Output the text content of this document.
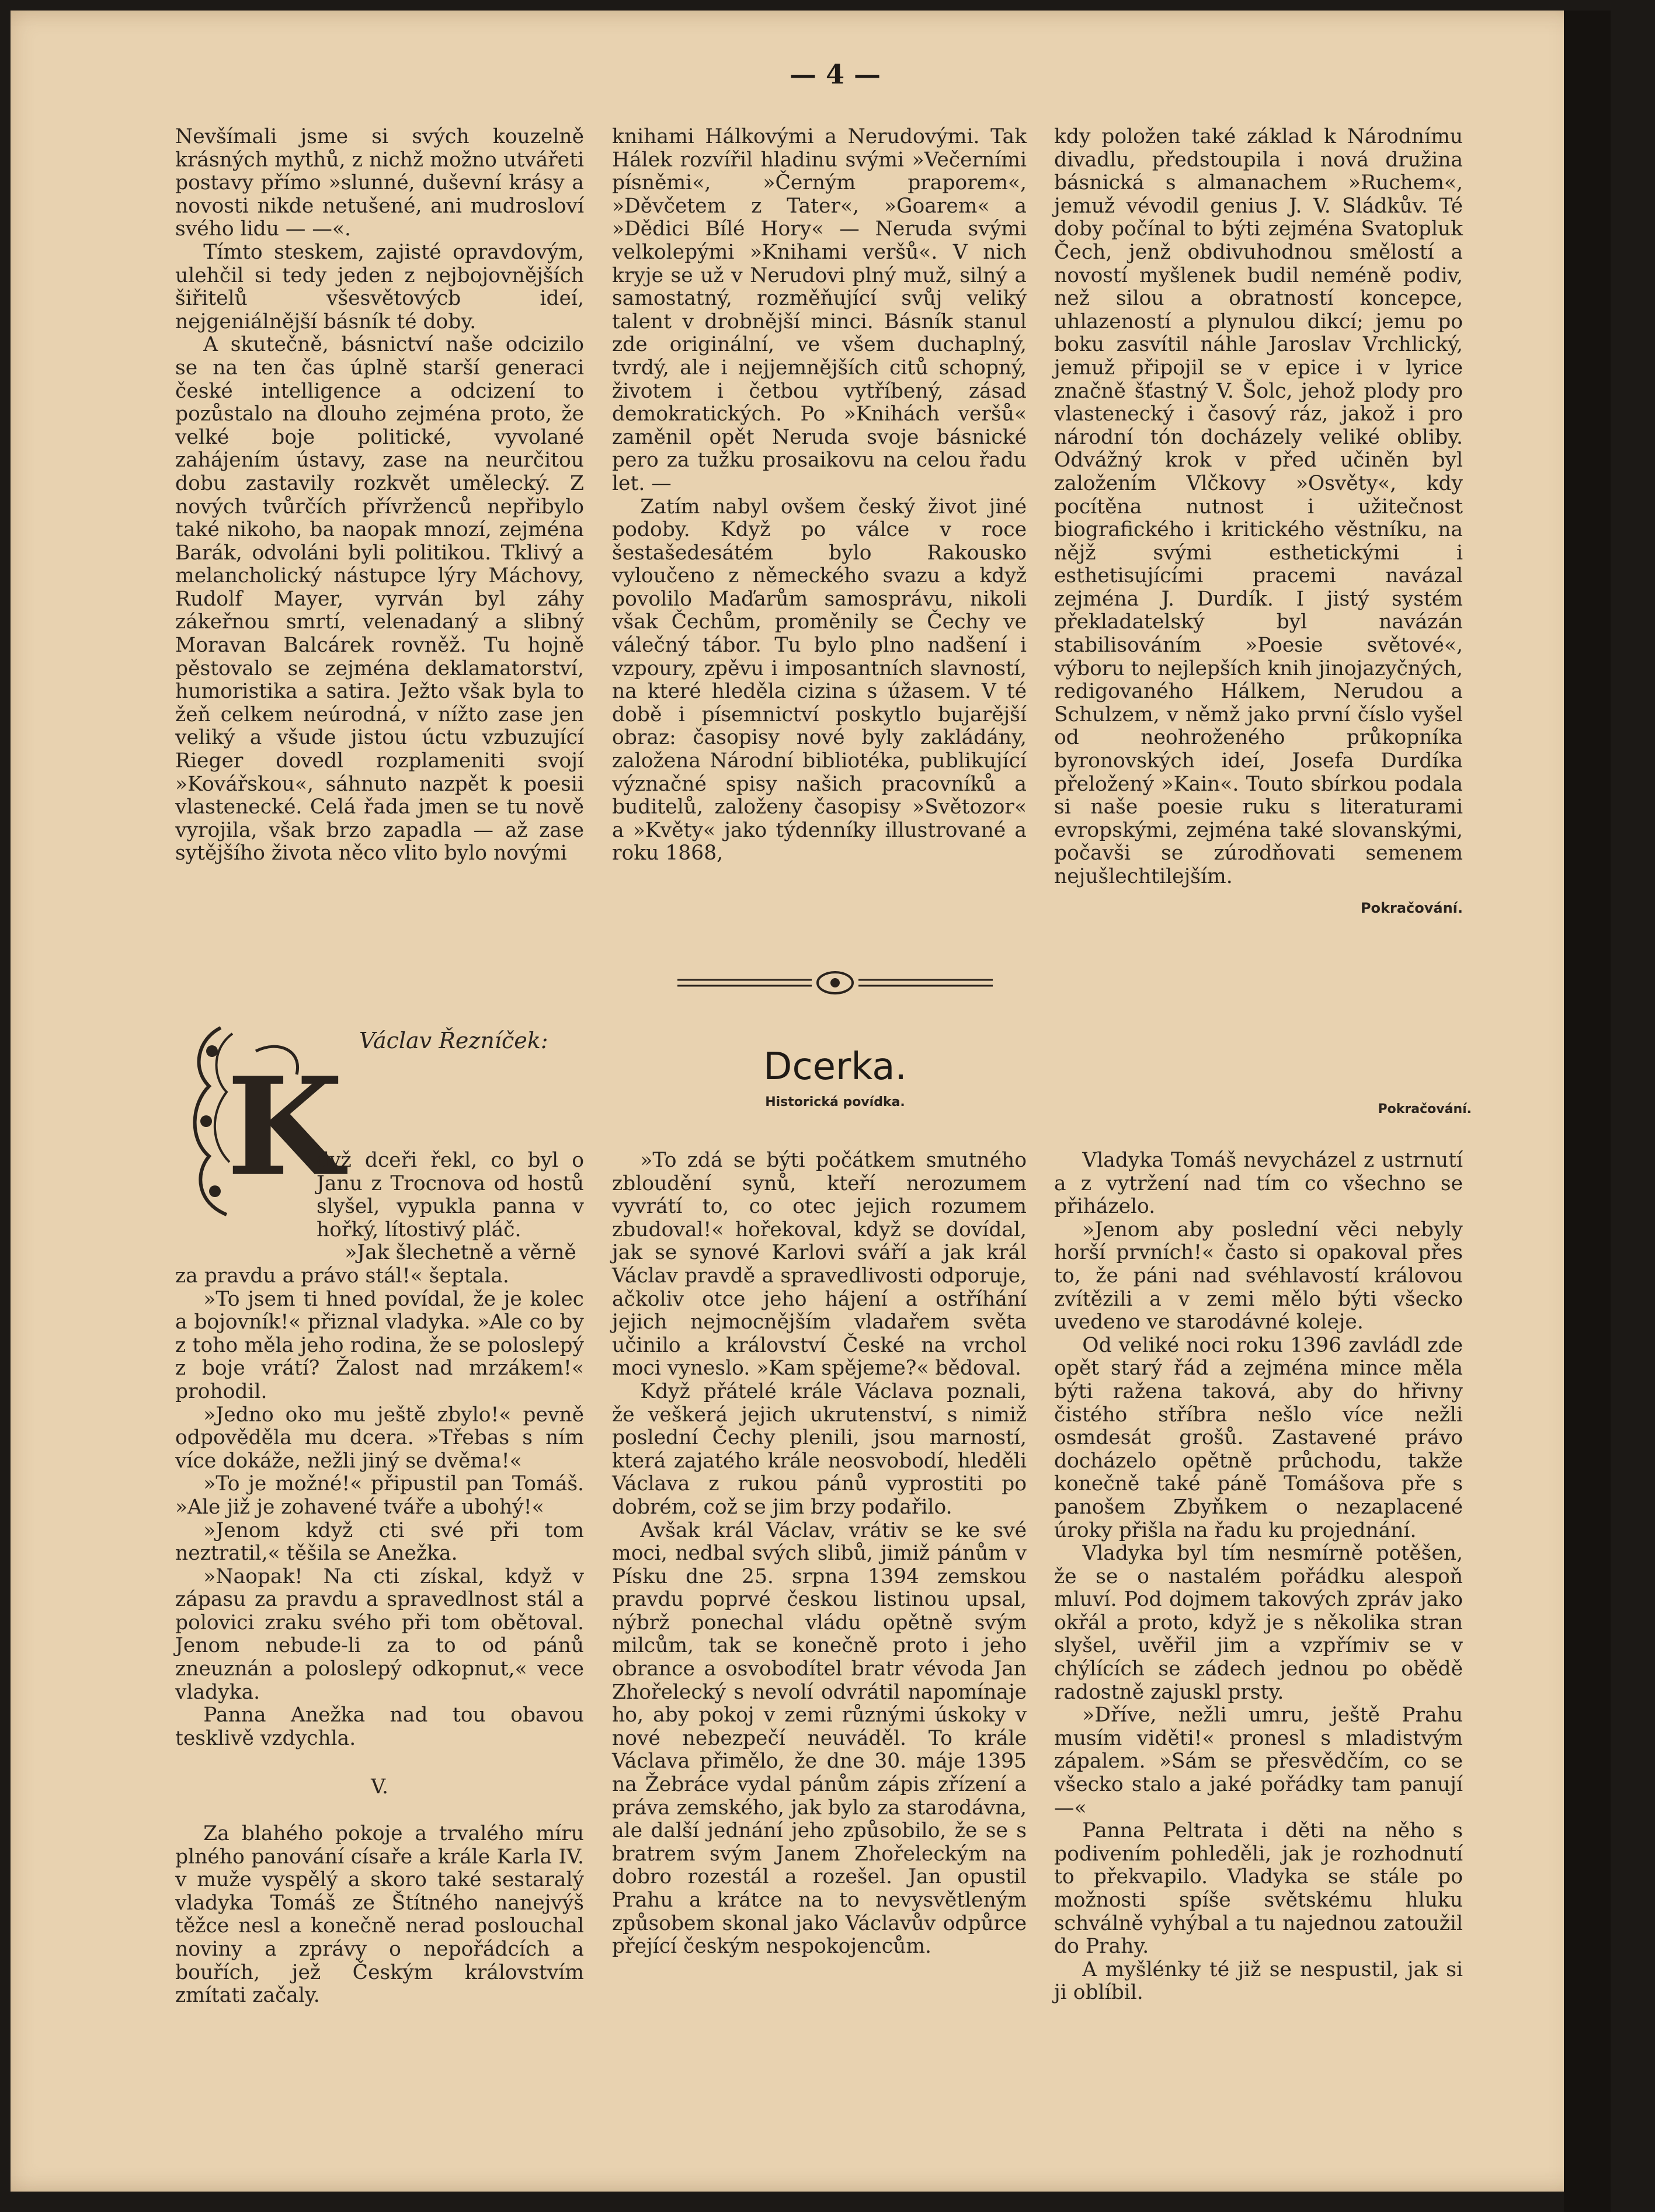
— 4 —

Nevšímali jsme si svých kouzelně krásných mythů, z nichž možno utvářeti postavy přímo »slunné, duševní krásy a novosti nikde netušené, ani mudrosloví svého lidu — —«.

Tímto steskem, zajisté opravdovým, ulehčil si tedy jeden z nejbojovnějších šiřitelů všesvětovýcb ideí, nejgeniálnější básník té doby.

A skutečně, básnictví naše odcizilo se na ten čas úplně starší generaci české intelligence a odcizení to pozůstalo na dlouho zejména proto, že velké boje politické, vyvolané zahájením ústavy, zase na neurčitou dobu zastavily rozkvět umělecký. Z nových tvůrčích přívrženců nepřibylo také nikoho, ba naopak mnozí, zejména Barák, odvoláni byli politikou. Tklivý a melancholický nástupce lýry Máchovy, Rudolf Mayer, vyrván byl záhy zákeřnou smrtí, velenadaný a slibný Moravan Balcárek rovněž. Tu hojně pěstovalo se zejména deklamatorství, humoristika a satira. Ježto však byla to žeň celkem neúrodná, v nížto zase jen veliký a všude jistou úctu vzbuzující Rieger dovedl rozplameniti svojí »Kovářskou«, sáhnuto nazpět k poesii vlastenecké. Celá řada jmen se tu nově vyrojila, však brzo zapadla — až zase sytějšího života něco vlito bylo novými

knihami Hálkovými a Nerudovými. Tak Hálek rozvířil hladinu svými »Večerními písněmi«, »Černým praporem«, »Děvčetem z Tater«, »Goarem« a »Dědici Bílé Hory« — Neruda svými velkolepými »Knihami veršů«. V nich kryje se už v Nerudovi plný muž, silný a samostatný, rozměňující svůj veliký talent v drobnější minci. Básník stanul zde originální, ve všem duchaplný, tvrdý, ale i nejjemnějších citů schopný, životem i četbou vytříbený, zásad demokratických. Po »Knihách veršů« zaměnil opět Neruda svoje básnické pero za tužku prosaikovu na celou řadu let. —

Zatím nabyl ovšem český život jiné podoby. Když po válce v roce šestašedesátém bylo Rakousko vyloučeno z německého svazu a když povolilo Maďarům samosprávu, nikoli však Čechům, proměnily se Čechy ve válečný tábor. Tu bylo plno nadšení i vzpoury, zpěvu i imposantních slavností, na které hleděla cizina s úžasem. V té době i písemnictví poskytlo bujarější obraz: časopisy nové byly zakládány, založena Národní bibliotéka, publikující význačné spisy našich pracovníků a buditelů, založeny časopisy »Světozor« a »Květy« jako týdenníky illustrované a roku 1868,

kdy položen také základ k Národnímu divadlu, předstoupila i nová družina básnická s almanachem »Ruchem«, jemuž vévodil genius J. V. Sládkův. Té doby počínal to býti zejména Svatopluk Čech, jenž obdivuhodnou smělostí a novostí myšlenek budil neméně podiv, než silou a obratností koncepce, uhlazeností a plynulou dikcí; jemu po boku zasvítil náhle Jaroslav Vrchlický, jemuž připojil se v epice i v lyrice značně šťastný V. Šolc, jehož plody pro vlastenecký i časový ráz, jakož i pro národní tón docházely veliké obliby. Odvážný krok v před učiněn byl založením Vlčkovy »Osvěty«, kdy pocítěna nutnost i užitečnost biografického i kritického věstníku, na nějž svými esthetickými i esthetisujícími pracemi navázal zejména J. Durdík. I jistý systém překladatelský byl navázán stabilisováním »Poesie světové«, výboru to nejlepších knih jinojazyčných, redigovaného Hálkem, Nerudou a Schulzem, v němž jako první číslo vyšel od neohroženého průkopníka byronovských ideí, Josefa Durdíka přeložený »Kain«. Touto sbírkou podala si naše poesie ruku s literaturami evropskými, zejména také slovanskými, počavši se zúrodňovati semenem nejušlechtilejším.

Pokračování.

Václav Řezníček:
K	Dcerka.
Historická povídka.	Pokračování.

dyž dceři řekl, co byl o Janu z Trocnova od hostů slyšel, vypukla panna v hořký, lítostivý pláč.

»Jak šlechetně a věrně

za pravdu a právo stál!« šeptala.

»To jsem ti hned povídal, že je kolec a bojovník!« přiznal vladyka. »Ale co by z toho měla jeho rodina, že se poloslepý z boje vrátí? Žalost nad mrzákem!« prohodil.

»Jedno oko mu ještě zbylo!« pevně odpověděla mu dcera. »Třebas s ním více dokáže, nežli jiný se dvěma!«

»To je možné!« připustil pan Tomáš. »Ale již je zohavené tváře a ubohý!«

»Jenom když cti své při tom neztratil,« těšila se Anežka.

»Naopak! Na cti získal, když v zápasu za pravdu a spravedlnost stál a polovici zraku svého při tom obětoval. Jenom nebude-li za to od pánů zneuznán a poloslepý odkopnut,« vece vladyka.

Panna Anežka nad tou obavou tesklivě vzdychla.

V.

Za blahého pokoje a trvalého míru plného panování císaře a krále Karla IV. v muže vyspělý a skoro také sestaralý vladyka Tomáš ze Štítného nanejvýš těžce nesl a konečně nerad poslouchal noviny a zprávy o nepořádcích a bouřích, jež Českým královstvím zmítati začaly.

»To zdá se býti počátkem smutného zbloudění synů, kteří nerozumem vyvrátí to, co otec jejich rozumem zbudoval!« hořekoval, když se dovídal, jak se synové Karlovi sváří a jak král Václav pravdě a spravedlivosti odporuje, ačkoliv otce jeho hájení a ostříhání jejich nejmocnějším vladařem světa učinilo a království České na vrchol moci vyneslo. »Kam spějeme?« bědoval.

Když přátelé krále Václava poznali, že veškerá jejich ukrutenství, s nimiž poslední Čechy plenili, jsou marností, která zajatého krále neosvobodí, hleděli Václava z rukou pánů vyprostiti po dobrém, což se jim brzy podařilo.

Avšak král Václav, vrátiv se ke své moci, nedbal svých slibů, jimiž pánům v Písku dne 25. srpna 1394 zemskou pravdu poprvé českou listinou upsal, nýbrž ponechal vládu opětně svým milcům, tak se konečně proto i jeho obrance a osvobodítel bratr vévoda Jan Zhořelecký s nevolí odvrátil napomínaje ho, aby pokoj v zemi různými úskoky v nové nebezpečí neuváděl. To krále Václava přimělo, že dne 30. máje 1395 na Žebráce vydal pánům zápis zřízení a práva zemského, jak bylo za starodávna, ale další jednání jeho způsobilo, že se s bratrem svým Janem Zhořeleckým na dobro rozestál a rozešel. Jan opustil Prahu a krátce na to nevysvětleným způsobem skonal jako Václavův odpůrce přející českým nespokojencům.

Vladyka Tomáš nevycházel z ustrnutí a z vytržení nad tím co všechno se přiházelo.

»Jenom aby poslední věci nebyly horší prvních!« často si opakoval přes to, že páni nad svéhlavostí královou zvítězili a v zemi mělo býti všecko uvedeno ve starodávné koleje.

Od veliké noci roku 1396 zavládl zde opět starý řád a zejména mince měla býti ražena taková, aby do hřivny čistého stříbra nešlo více nežli osmdesát grošů. Zastavené právo docházelo opětně průchodu, takže konečně také páně Tomášova pře s panošem Zbyňkem o nezaplacené úroky přišla na řadu ku projednání.

Vladyka byl tím nesmírně potěšen, že se o nastalém pořádku alespoň mluví. Pod dojmem takových zpráv jako okřál a proto, když je s několika stran slyšel, uvěřil jim a vzpřímiv se v chýlících se zádech jednou po obědě radostně zajuskl prsty.

»Dříve, nežli umru, ještě Prahu musím viděti!« pronesl s mladistvým zápalem. »Sám se přesvědčím, co se všecko stalo a jaké pořádky tam panují —«

Panna Peltrata i děti na něho s podivením pohleděli, jak je rozhodnutí to překvapilo. Vladyka se stále po možnosti spíše světskému hluku schválně vyhýbal a tu najednou zatoužil do Prahy.

A myšlénky té již se nespustil, jak si ji oblíbil.
